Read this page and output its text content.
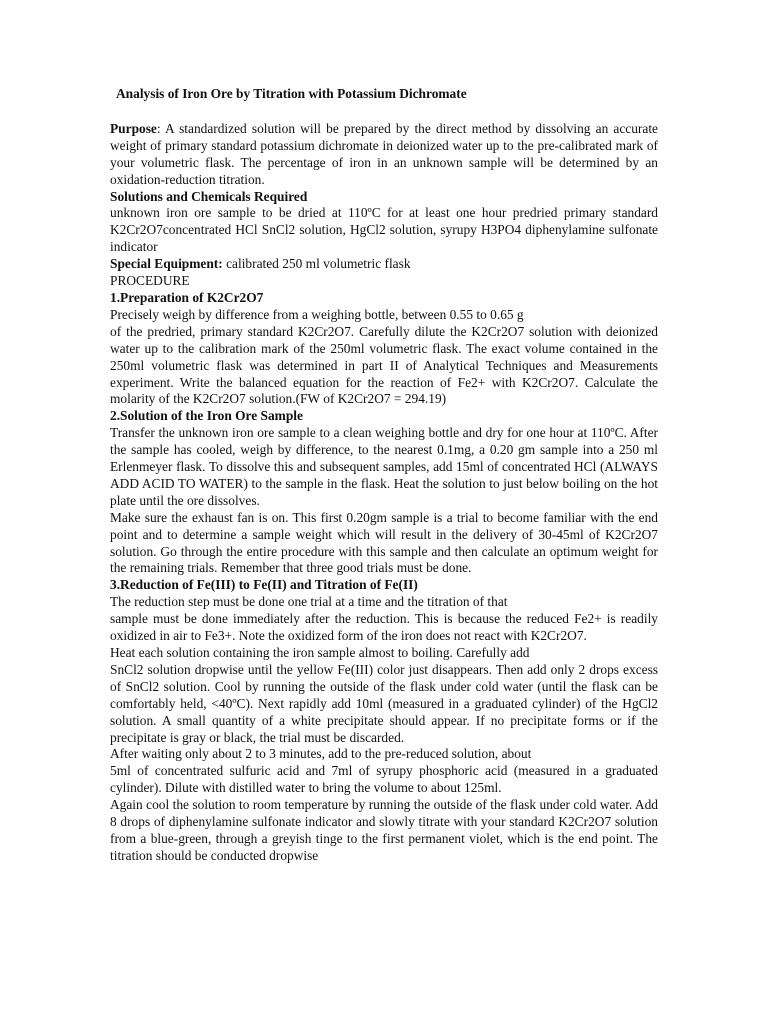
Analysis of Iron Ore by Titration with Potassium Dichromate

Purpose: A standardized solution will be prepared by the direct method by dissolving an accurate weight of primary standard potassium dichromate in deionized water up to the pre-calibrated mark of your volumetric flask. The percentage of iron in an unknown sample will be determined by an oxidation-reduction titration.

Solutions and Chemicals Required

unknown iron ore sample to be dried at 110ºC for at least one hour predried primary standard K2Cr2O7concentrated HCl SnCl2 solution, HgCl2 solution, syrupy H3PO4 diphenylamine sulfonate indicator

Special Equipment: calibrated 250 ml volumetric flask

PROCEDURE

1.Preparation of K2Cr2O7

Precisely weigh by difference from a weighing bottle, between 0.55 to 0.65 g

of the predried, primary standard K2Cr2O7. Carefully dilute the K2Cr2O7 solution with deionized water up to the calibration mark of the 250ml volumetric flask. The exact volume contained in the 250ml volumetric flask was determined in part II of Analytical Techniques and Measurements experiment. Write the balanced equation for the reaction of Fe2+ with K2Cr2O7. Calculate the molarity of the K2Cr2O7 solution.(FW of K2Cr2O7 = 294.19)

2.Solution of the Iron Ore Sample

Transfer the unknown iron ore sample to a clean weighing bottle and dry for one hour at 110ºC. After the sample has cooled, weigh by difference, to the nearest 0.1mg, a 0.20 gm sample into a 250 ml Erlenmeyer flask. To dissolve this and subsequent samples, add 15ml of concentrated HCl (ALWAYS ADD ACID TO WATER) to the sample in the flask. Heat the solution to just below boiling on the hot plate until the ore dissolves.

Make sure the exhaust fan is on. This first 0.20gm sample is a trial to become familiar with the end point and to determine a sample weight which will result in the delivery of 30-45ml of K2Cr2O7 solution. Go through the entire procedure with this sample and then calculate an optimum weight for the remaining trials. Remember that three good trials must be done.

3.Reduction of Fe(III) to Fe(II) and Titration of Fe(II)

The reduction step must be done one trial at a time and the titration of that

sample must be done immediately after the reduction. This is because the reduced Fe2+ is readily oxidized in air to Fe3+. Note the oxidized form of the iron does not react with K2Cr2O7.

Heat each solution containing the iron sample almost to boiling. Carefully add

SnCl2 solution dropwise until the yellow Fe(III) color just disappears. Then add only 2 drops excess of SnCl2 solution. Cool by running the outside of the flask under cold water (until the flask can be comfortably held, <40ºC). Next rapidly add 10ml (measured in a graduated cylinder) of the HgCl2 solution. A small quantity of a white precipitate should appear. If no precipitate forms or if the precipitate is gray or black, the trial must be discarded.

After waiting only about 2 to 3 minutes, add to the pre-reduced solution, about

5ml of concentrated sulfuric acid and 7ml of syrupy phosphoric acid (measured in a graduated cylinder). Dilute with distilled water to bring the volume to about 125ml.

Again cool the solution to room temperature by running the outside of the flask under cold water. Add 8 drops of diphenylamine sulfonate indicator and slowly titrate with your standard K2Cr2O7 solution from a blue-green, through a greyish tinge to the first permanent violet, which is the end point. The titration should be conducted dropwise
